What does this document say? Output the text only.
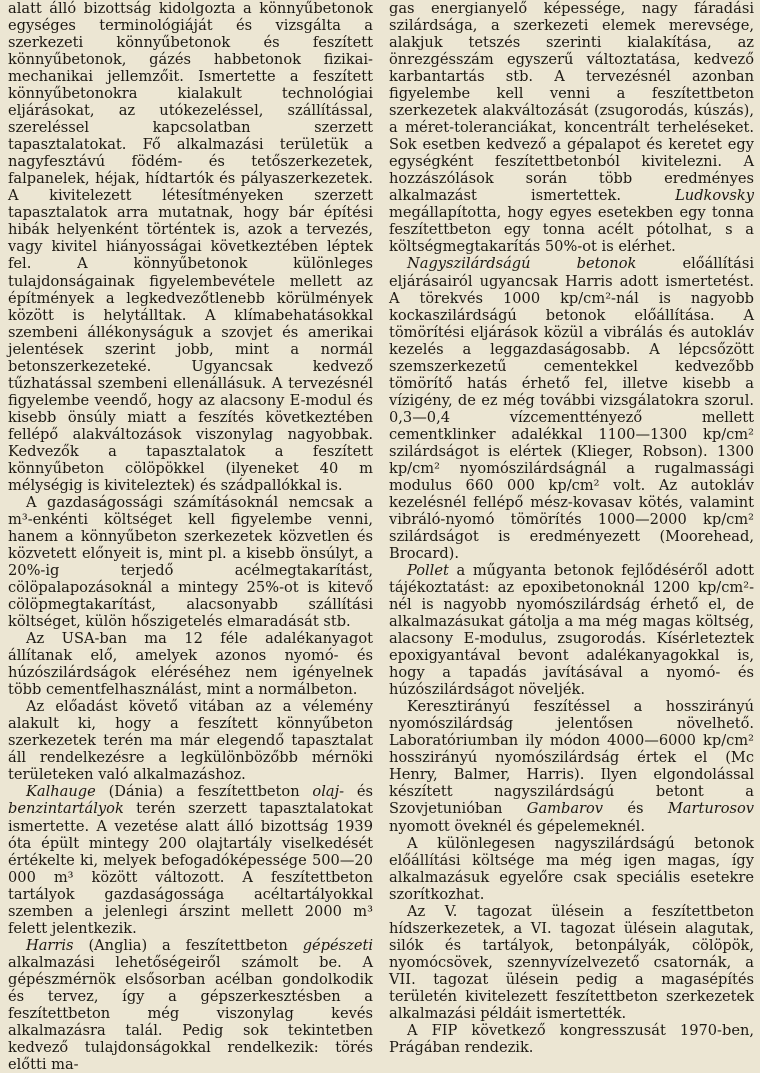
alatt álló bizottság kidolgozta a könnyűbetonok egységes terminológiáját és vizsgálta a szerkezeti könnyűbetonok és feszített könnyűbetonok, gázés habbetonok fizikai-mechanikai jellemzőit. Ismertette a feszített könnyűbetonokra kialakult technológiai eljárásokat, az utókezeléssel, szállítással, szereléssel kapcsolatban szerzett tapasztalatokat. Fő alkalmazási területük a nagyfesztávú födém- és tetőszerkezetek, falpanelek, héjak, hídtartók és pályaszerkezetek. A kivitelezett létesítményeken szerzett tapasztalatok arra mutatnak, hogy bár építési hibák helyenként történtek is, azok a tervezés, vagy kivitel hiányosságai következtében léptek fel. A könnyűbetonok különleges tulajdonságainak figyelembevétele mellett az építmények a legkedvezőtlenebb körülmények között is helytálltak. A klímabehatásokkal szembeni állékonyságuk a szovjet és amerikai jelentések szerint jobb, mint a normál betonszerkezeteké. Ugyancsak kedvező tűzhatással szembeni ellenállásuk. A tervezésnél figyelembe veendő, hogy az alacsony E-modul és kisebb önsúly miatt a feszítés következtében fellépő alakváltozások viszonylag nagyobbak. Kedvezők a tapasztalatok a feszített könnyűbeton cölöpökkel (ilyeneket 40 m mélységig is kiviteleztek) és szádpallókkal is.

A gazdaságossági számításoknál nemcsak a m³-enkénti költséget kell figyelembe venni, hanem a könnyűbeton szerkezetek közvetlen és közvetett előnyeit is, mint pl. a kisebb önsúlyt, a 20%-ig terjedő acélmegtakarítást, cölöpalapozásoknál a mintegy 25%-ot is kitevő cölöpmegtakarítást, alacsonyabb szállítási költséget, külön hőszigetelés elmaradását stb.

Az USA-ban ma 12 féle adalékanyagot állítanak elő, amelyek azonos nyomó- és húzószilárdságok eléréséhez nem igényelnek több cementfelhasználást, mint a normálbeton.

Az előadást követő vitában az a vélemény alakult ki, hogy a feszített könnyűbeton szerkezetek terén ma már elegendő tapasztalat áll rendelkezésre a legkülönbözőbb mérnöki területeken való alkalmazáshoz.

Kalhauge (Dánia) a feszítettbeton olaj- és benzintartályok terén szerzett tapasztalatokat ismertette. A vezetése alatt álló bizottság 1939 óta épült mintegy 200 olajtartály viselkedését értékelte ki, melyek befogadóképessége 500—20 000 m³ között változott. A feszítettbeton tartályok gazdaságossága acéltartályokkal szemben a jelenlegi árszint mellett 2000 m³ felett jelentkezik.

Harris (Anglia) a feszítettbeton gépészeti alkalmazási lehetőségeiről számolt be. A gépészmérnök elsősorban acélban gondolkodik és tervez, így a gépszerkesztésben a feszítettbeton még viszonylag kevés alkalmazásra talál. Pedig sok tekintetben kedvező tulajdonságokkal rendelkezik: törés előtti ma-

gas energianyelő képessége, nagy fáradási szilárdsága, a szerkezeti elemek merevsége, alakjuk tetszés szerinti kialakítása, az önrezgésszám egyszerű változtatása, kedvező karbantartás stb. A tervezésnél azonban figyelembe kell venni a feszítettbeton szerkezetek alakváltozását (zsugorodás, kúszás), a méret-toleranciákat, koncentrált terheléseket. Sok esetben kedvező a gépalapot és keretet egy egységként feszítettbetonból kivitelezni. A hozzászólások során több eredményes alkalmazást ismertettek. Ludkovsky megállapította, hogy egyes esetekben egy tonna feszítettbeton egy tonna acélt pótolhat, s a költségmegtakarítás 50%-ot is elérhet.

Nagyszilárdságú betonok előállítási eljárásairól ugyancsak Harris adott ismertetést. A törekvés 1000 kp/cm²-nál is nagyobb kockaszilárdságú betonok előállítása. A tömörítési eljárások közül a vibrálás és autokláv kezelés a leggazdaságosabb. A lépcsőzött szemszerkezetű cementekkel kedvezőbb tömörítő hatás érhető fel, illetve kisebb a vízigény, de ez még további vizsgálatokra szorul. 0,3—0,4 vízcementtényező mellett cementklinker adalékkal 1100—1300 kp/cm² szilárdságot is elértek (Klieger, Robson). 1300 kp/cm² nyomószilárdságnál a rugalmassági modulus 660 000 kp/cm² volt. Az autokláv kezelésnél fellépő mész-kovasav kötés, valamint vibráló-nyomó tömörítés 1000—2000 kp/cm² szilárdságot is eredményezett (Moorehead, Brocard).

Pollet a műgyanta betonok fejlődéséről adott tájékoztatást: az epoxibetonoknál 1200 kp/cm²-nél is nagyobb nyomószilárdság érhető el, de alkalmazásukat gátolja a ma még magas költség, alacsony E-modulus, zsugorodás. Kísérleteztek epoxigyantával bevont adalékanyagokkal is, hogy a tapadás javításával a nyomó- és húzószilárdságot növeljék.

Keresztirányú feszítéssel a hosszirányú nyomószilárdság jelentősen növelhető. Laboratóriumban ily módon 4000—6000 kp/cm² hosszirányú nyomószilárdság értek el (Mc Henry, Balmer, Harris). Ilyen elgondolással készített nagyszilárdságú betont a Szovjetunióban Gambarov és Marturosov nyomott öveknél és gépelemeknél.

A különlegesen nagyszilárdságú betonok előállítási költsége ma még igen magas, így alkalmazásuk egyelőre csak speciális esetekre szorítkozhat.

Az V. tagozat ülésein a feszítettbeton hídszerkezetek, a VI. tagozat ülésein alagutak, silók és tartályok, betonpályák, cölöpök, nyomócsövek, szennyvízelvezető csatornák, a VII. tagozat ülésein pedig a magasépítés területén kivitelezett feszítettbeton szerkezetek alkalmazási példáit ismertették.

A FIP következő kongresszusát 1970-ben, Prágában rendezik.
